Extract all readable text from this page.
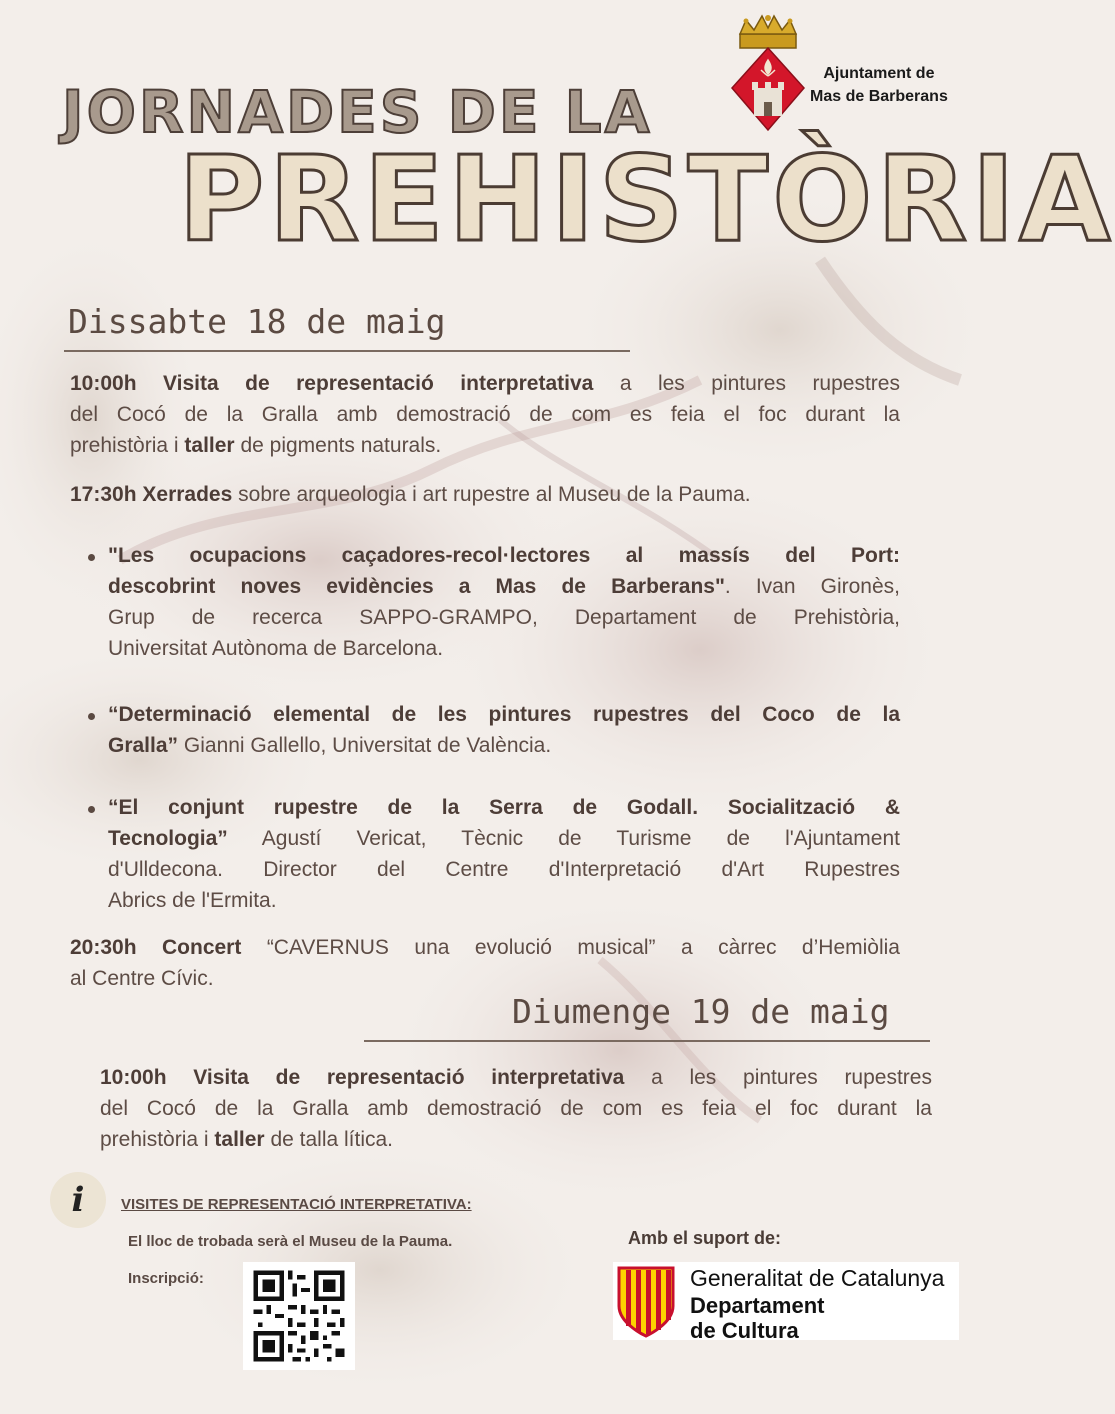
JORNADES DE LA
PREHISTÒRIA
Ajuntament de
Mas de Barberans
Dissabte 18 de maig
10:00h Visita de representació interpretativa a les pintures rupestres
del Cocó de la Gralla amb demostració de com es feia el foc durant la
prehistòria i taller de pigments naturals.
17:30h Xerrades sobre arqueologia i art rupestre al Museu de la Pauma.
"Les ocupacions caçadores-recol·lectores al massís del Port:
descobrint noves evidències a Mas de Barberans". Ivan Gironès,
Grup de recerca SAPPO-GRAMPO, Departament de Prehistòria,
Universitat Autònoma de Barcelona.
“Determinació elemental de les pintures rupestres del Coco de la
Gralla” Gianni Gallello, Universitat de València.
“El conjunt rupestre de la Serra de Godall. Socialització &
Tecnologia” Agustí Vericat, Tècnic de Turisme de l'Ajuntament
d'Ulldecona. Director del Centre d'Interpretació d'Art Rupestres
Abrics de l'Ermita.
20:30h Concert “CAVERNUS una evolució musical” a càrrec d’Hemiòlia
al Centre Cívic.
Diumenge 19 de maig
10:00h Visita de representació interpretativa a les pintures rupestres
del Cocó de la Gralla amb demostració de com es feia el foc durant la
prehistòria i taller de talla lítica.
i	VISITES DE REPRESENTACIÓ INTERPRETATIVA:
El lloc de trobada serà el Museu de la Pauma.
Inscripció:
Amb el suport de:
Generalitat de Catalunya
Departament
de Cultura
